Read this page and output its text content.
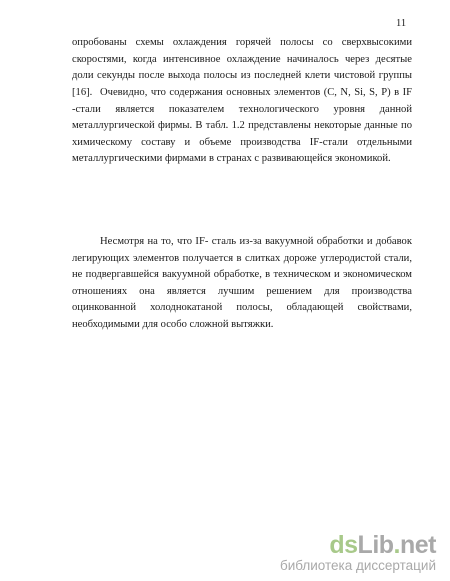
11
опробованы схемы охлаждения горячей полосы со сверхвысокими скоростями, когда интенсивное охлаждение начиналось через десятые доли секунды после выхода полосы из последней клети чистовой группы [16]. Очевидно, что содержания основных элементов (C, N, Si, S, P) в IF -стали является показателем технологического уровня данной металлургической фирмы. В табл. 1.2 представлены некоторые данные по химическому составу и объеме производства IF-стали отдельными металлургическими фирмами в странах с развивающейся экономикой.
Несмотря на то, что IF- сталь из-за вакуумной обработки и добавок легирующих элементов получается в слитках дороже углеродистой стали, не подвергавшейся вакуумной обработке, в техническом и экономическом отношениях она является лучшим решением для производства оцинкованной холоднокатаной полосы, обладающей свойствами, необходимыми для особо сложной вытяжки.
dsLib.net
библиотека диссертаций
